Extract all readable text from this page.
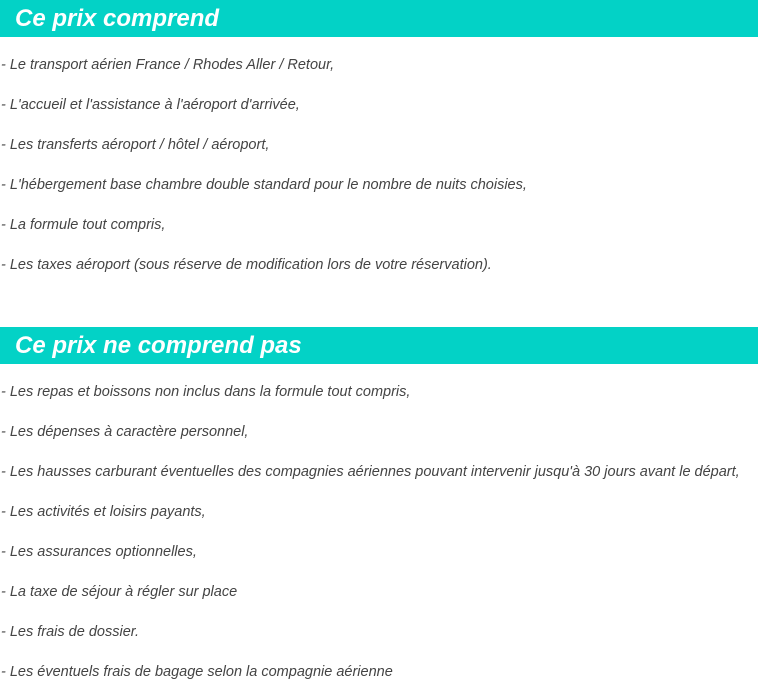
Ce prix comprend
- Le transport aérien France / Rhodes Aller / Retour,
- L'accueil et l'assistance à l'aéroport d'arrivée,
- Les transferts aéroport / hôtel / aéroport,
- L'hébergement base chambre double standard pour le nombre de nuits choisies,
- La formule tout compris,
- Les taxes aéroport (sous réserve de modification lors de votre réservation).
Ce prix ne comprend pas
- Les repas et boissons non inclus dans la formule tout compris,
- Les dépenses à caractère personnel,
- Les hausses carburant éventuelles des compagnies aériennes pouvant intervenir jusqu'à 30 jours avant le départ,
- Les activités et loisirs payants,
- Les assurances optionnelles,
- La taxe de séjour à régler sur place
- Les frais de dossier.
- Les éventuels frais de bagage selon la compagnie aérienne
